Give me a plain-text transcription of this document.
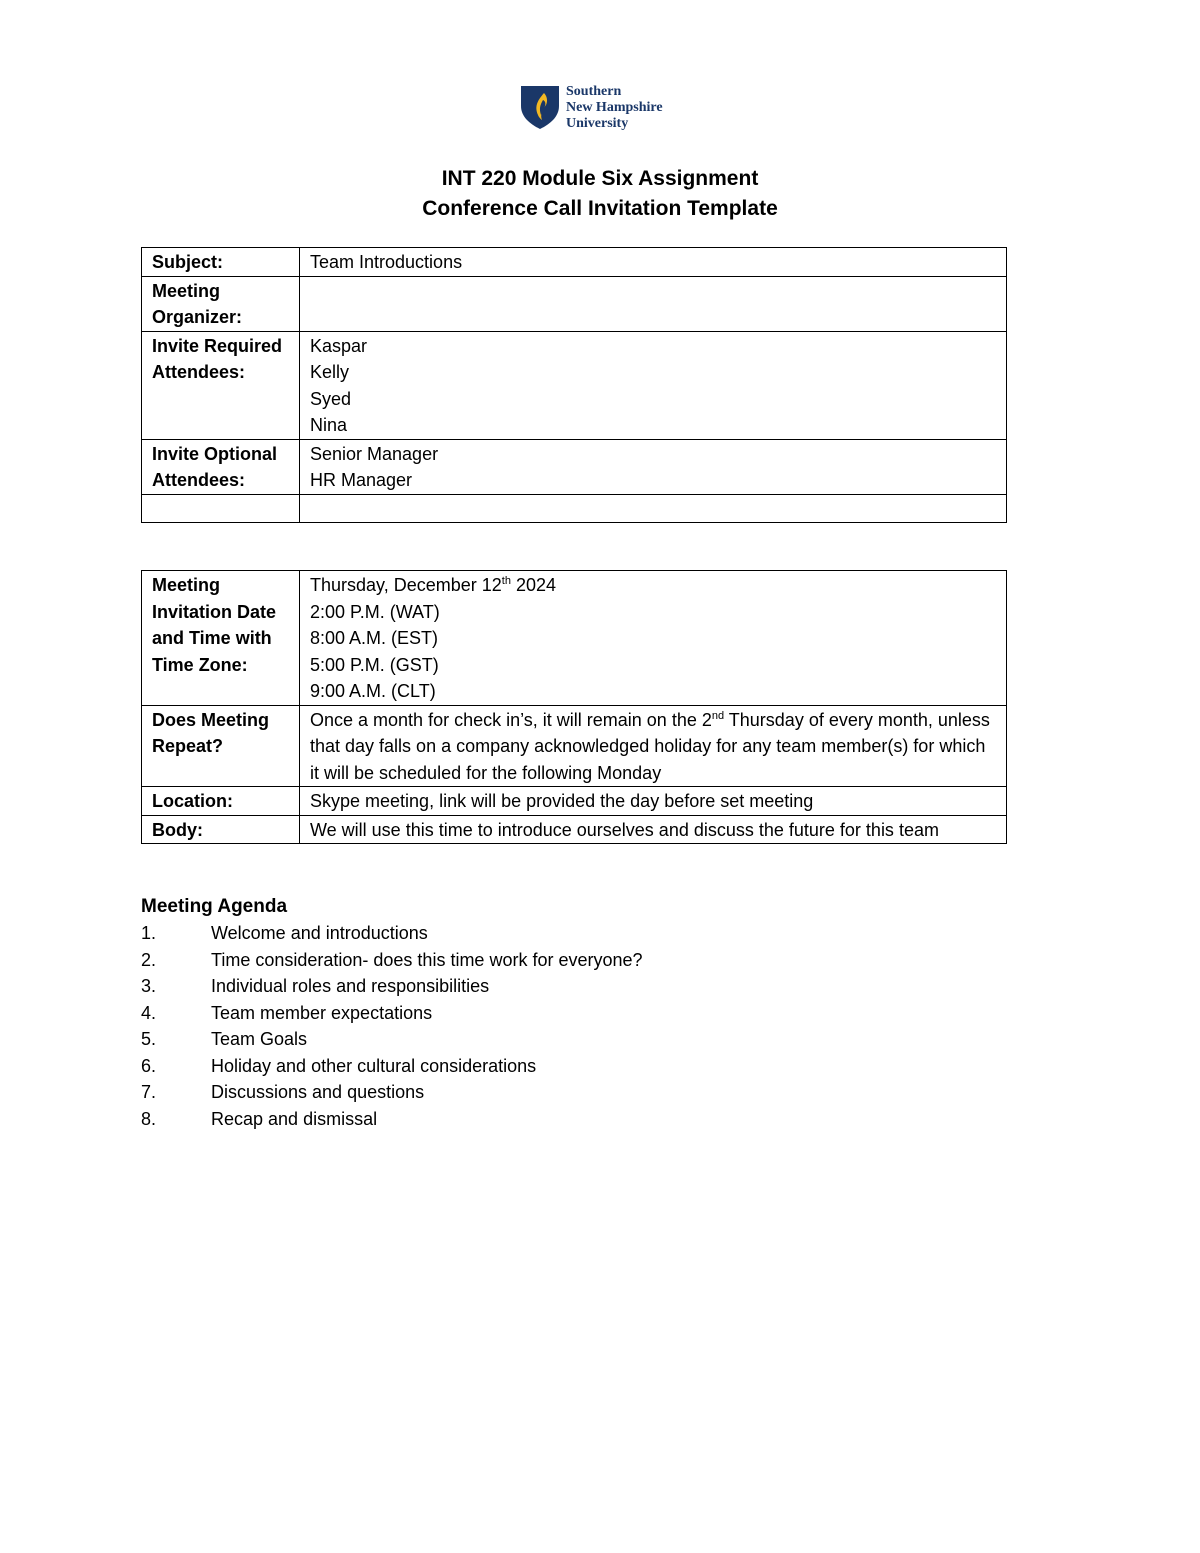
Southern
New Hampshire
University
INT 220 Module Six Assignment
Conference Call Invitation Template
Subject:	Team Introductions
Meeting Organizer:	
Invite Required Attendees:	Kaspar
Kelly
Syed
Nina

Invite Optional Attendees:	Senior Manager
HR Manager

Meeting Invitation Date and Time with Time Zone:	Thursday, December 12th 2024
2:00 P.M. (WAT)
8:00 A.M. (EST)
5:00 P.M. (GST)
9:00 A.M. (CLT)

Does Meeting Repeat?	Once a month for check in’s, it will remain on the 2nd Thursday of every month, unless that day falls on a company acknowledged holiday for any team member(s) for which it will be scheduled for the following Monday
Location:	Skype meeting, link will be provided the day before set meeting
Body:	We will use this time to introduce ourselves and discuss the future for this team
Meeting Agenda
1.	Welcome and introductions
2.	Time consideration- does this time work for everyone?
3.	Individual roles and responsibilities
4.	Team member expectations
5.	Team Goals
6.	Holiday and other cultural considerations
7.	Discussions and questions
8.	Recap and dismissal
